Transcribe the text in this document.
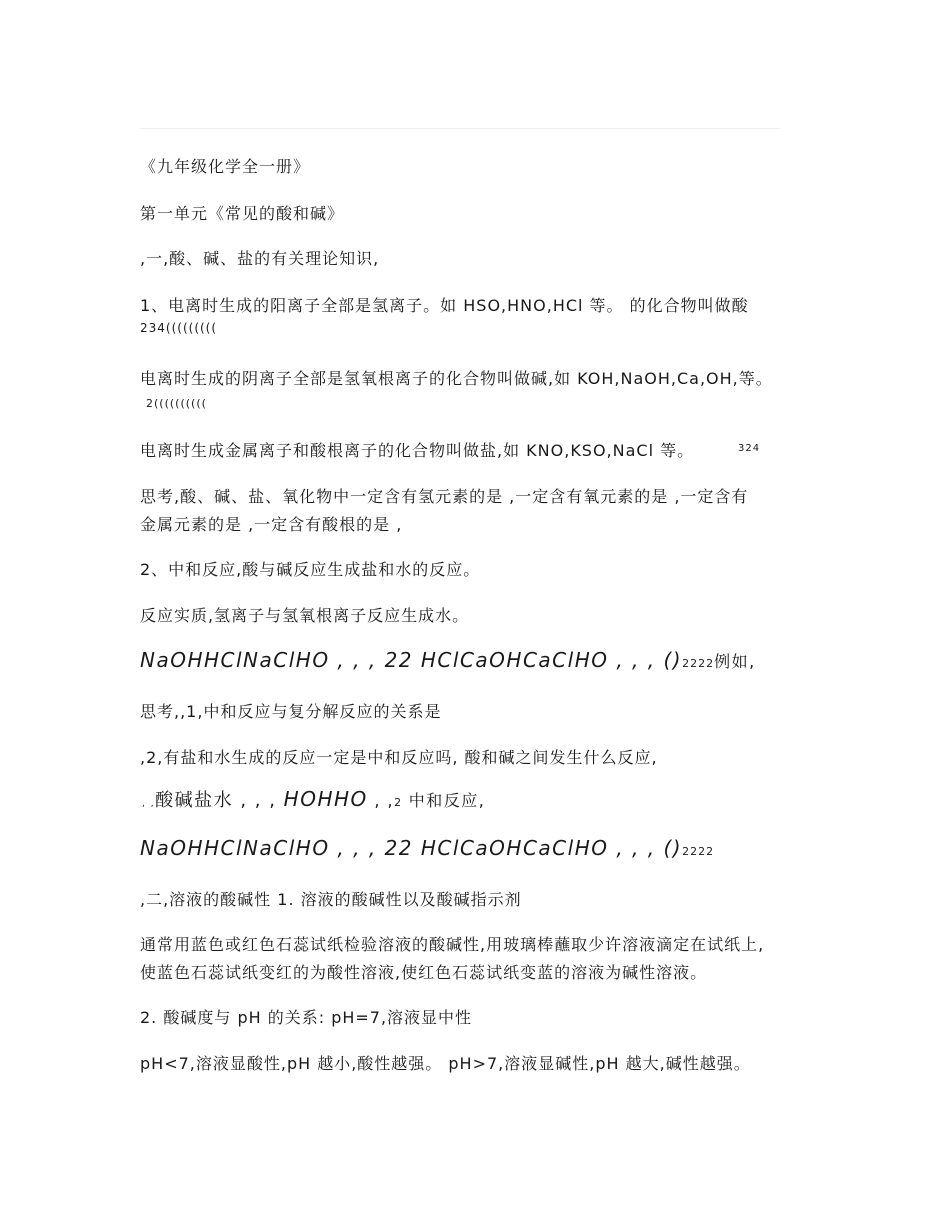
《九年级化学全一册》
第一单元《常见的酸和碱》
,一,酸、碱、盐的有关理论知识,
1、电离时生成的阳离子全部是氢离子。如 HSO,HNO,HCl 等。 的化合物叫做酸
234(((((((((
电离时生成的阴离子全部是氢氧根离子的化合物叫做碱,如 KOH,NaOH,Ca,OH,等。
2((((((((((
电离时生成金属离子和酸根离子的化合物叫做盐,如 KNO,KSO,NaCl 等。	324
思考,酸、碱、盐、氧化物中一定含有氢元素的是 ,一定含有氧元素的是 ,一定含有
金属元素的是 ,一定含有酸根的是 ,
2、中和反应,酸与碱反应生成盐和水的反应。
反应实质,氢离子与氢氧根离子反应生成水。
NaOHHClNaClHO , , , 22 HClCaOHCaClHO , , , ()2222例如,
思考,,1,中和反应与复分解反应的关系是
,2,有盐和水生成的反应一定是中和反应吗, 酸和碱之间发生什么反应,
, ,酸碱盐水 , , , HOHHO , ,2 中和反应,
NaOHHClNaClHO , , , 22 HClCaOHCaClHO , , , ()2222
,二,溶液的酸碱性 1. 溶液的酸碱性以及酸碱指示剂
通常用蓝色或红色石蕊试纸检验溶液的酸碱性,用玻璃棒蘸取少许溶液滴定在试纸上,
使蓝色石蕊试纸变红的为酸性溶液,使红色石蕊试纸变蓝的溶液为碱性溶液。
2. 酸碱度与 pH 的关系: pH=7,溶液显中性
pH<7,溶液显酸性,pH 越小,酸性越强。 pH>7,溶液显碱性,pH 越大,碱性越强。
